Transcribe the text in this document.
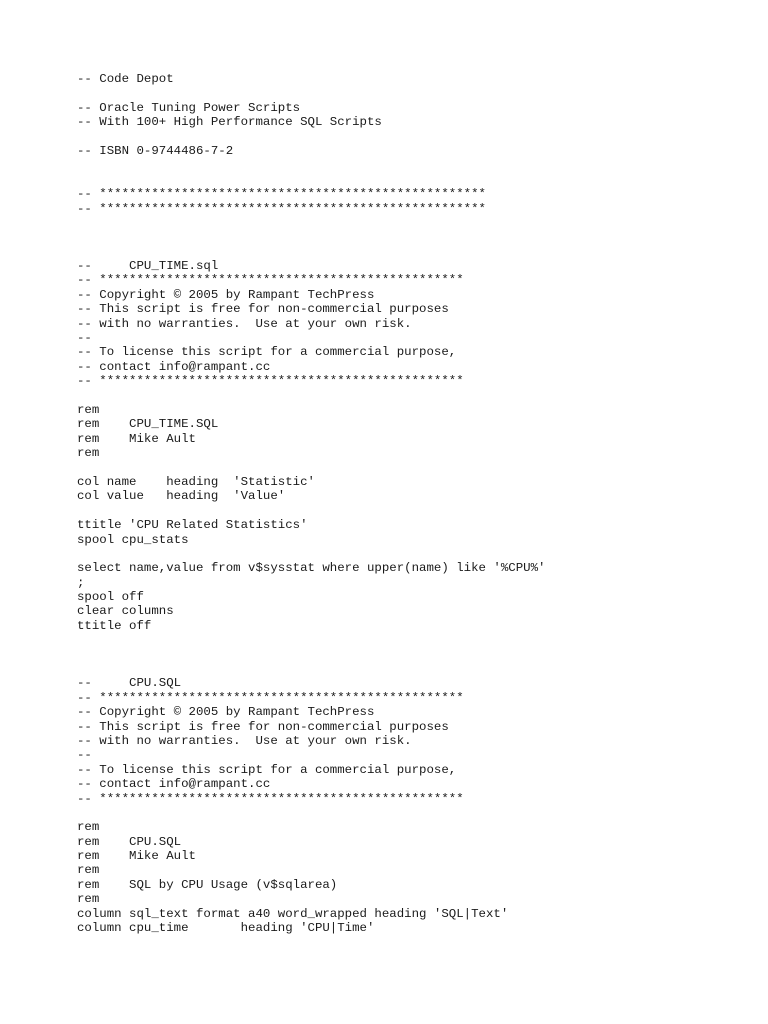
-- Code Depot
-- Oracle Tuning Power Scripts
-- With 100+ High Performance SQL Scripts
-- ISBN 0-9744486-7-2
-- ****************************************************
-- ****************************************************
--     CPU_TIME.sql
-- *************************************************
-- Copyright © 2005 by Rampant TechPress
-- This script is free for non-commercial purposes
-- with no warranties.  Use at your own risk.
--
-- To license this script for a commercial purpose,
-- contact info@rampant.cc
-- *************************************************
rem
rem    CPU_TIME.SQL
rem    Mike Ault
rem
col name    heading  'Statistic'
col value   heading  'Value'
ttitle 'CPU Related Statistics'
spool cpu_stats
select name,value from v$sysstat where upper(name) like '%CPU%'
;
spool off
clear columns
ttitle off
--     CPU.SQL
-- *************************************************
-- Copyright © 2005 by Rampant TechPress
-- This script is free for non-commercial purposes
-- with no warranties.  Use at your own risk.
--
-- To license this script for a commercial purpose,
-- contact info@rampant.cc
-- *************************************************
rem
rem    CPU.SQL
rem    Mike Ault
rem
rem    SQL by CPU Usage (v$sqlarea)
rem
column sql_text format a40 word_wrapped heading 'SQL|Text'
column cpu_time       heading 'CPU|Time'
